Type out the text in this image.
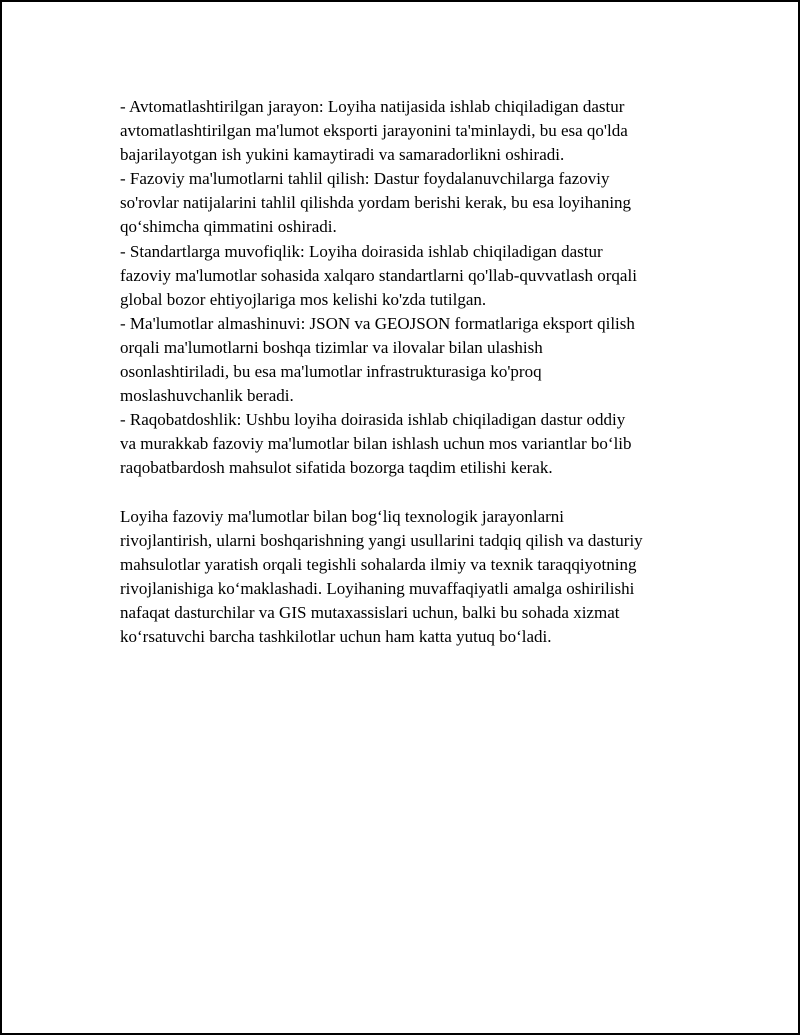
- Avtomatlashtirilgan jarayon: Loyiha natijasida ishlab chiqiladigan dastur
avtomatlashtirilgan ma'lumot eksporti jarayonini ta'minlaydi, bu esa qo'lda
bajarilayotgan ish yukini kamaytiradi va samaradorlikni oshiradi.
- Fazoviy ma'lumotlarni tahlil qilish: Dastur foydalanuvchilarga fazoviy
so'rovlar natijalarini tahlil qilishda yordam berishi kerak, bu esa loyihaning
qo‘shimcha qimmatini oshiradi.
- Standartlarga muvofiqlik: Loyiha doirasida ishlab chiqiladigan dastur
fazoviy ma'lumotlar sohasida xalqaro standartlarni qo'llab-quvvatlash orqali
global bozor ehtiyojlariga mos kelishi ko'zda tutilgan.
- Ma'lumotlar almashinuvi: JSON va GEOJSON formatlariga eksport qilish
orqali ma'lumotlarni boshqa tizimlar va ilovalar bilan ulashish
osonlashtiriladi, bu esa ma'lumotlar infrastrukturasiga ko'proq
moslashuvchanlik beradi.
- Raqobatdoshlik: Ushbu loyiha doirasida ishlab chiqiladigan dastur oddiy
va murakkab fazoviy ma'lumotlar bilan ishlash uchun mos variantlar bo‘lib
raqobatbardosh mahsulot sifatida bozorga taqdim etilishi kerak.
Loyiha fazoviy ma'lumotlar bilan bog‘liq texnologik jarayonlarni
rivojlantirish, ularni boshqarishning yangi usullarini tadqiq qilish va dasturiy
mahsulotlar yaratish orqali tegishli sohalarda ilmiy va texnik taraqqiyotning
rivojlanishiga ko‘maklashadi. Loyihaning muvaffaqiyatli amalga oshirilishi
nafaqat dasturchilar va GIS mutaxassislari uchun, balki bu sohada xizmat
ko‘rsatuvchi barcha tashkilotlar uchun ham katta yutuq bo‘ladi.
